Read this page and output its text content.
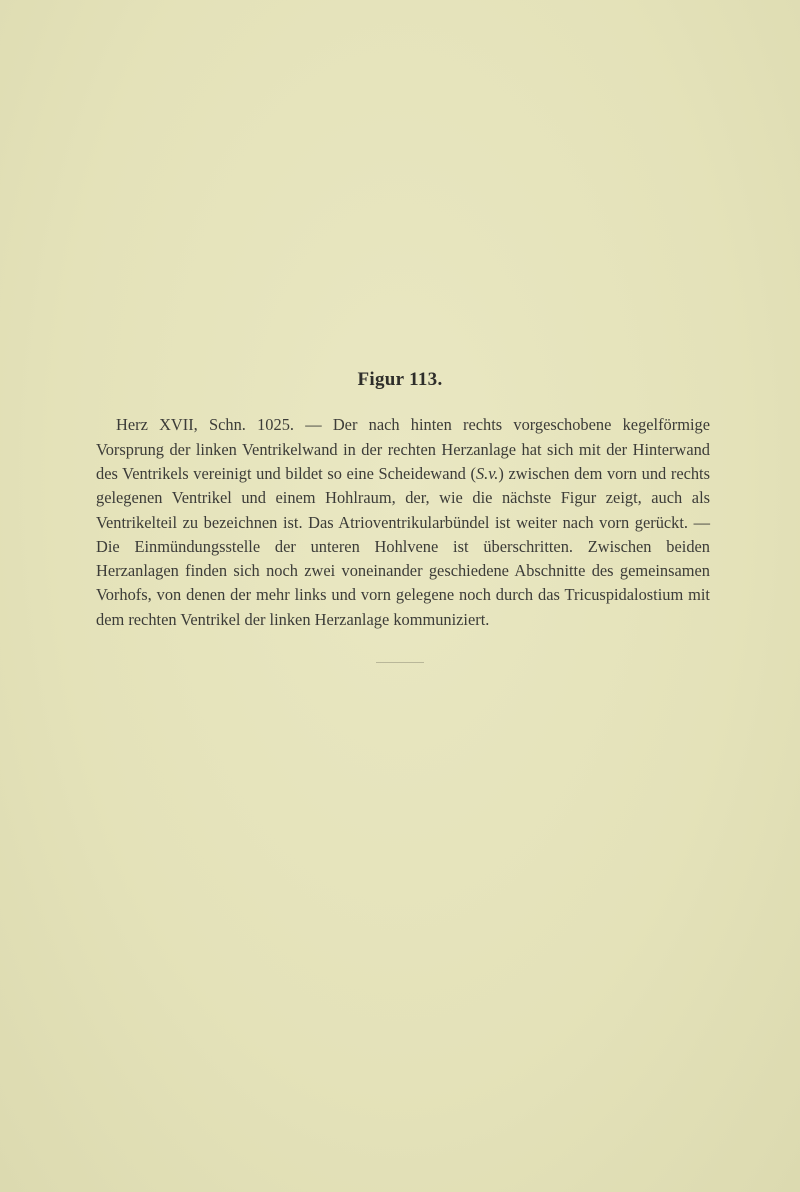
Figur 113.

Herz XVII, Schn. 1025. — Der nach hinten rechts vorgeschobene kegelförmige Vorsprung der linken Ventrikelwand in der rechten Herzanlage hat sich mit der Hinterwand des Ventrikels vereinigt und bildet so eine Scheidewand (S.v.) zwischen dem vorn und rechts gelegenen Ventrikel und einem Hohlraum, der, wie die nächste Figur zeigt, auch als Ventrikelteil zu bezeichnen ist. Das Atrioventrikularbündel ist weiter nach vorn gerückt. — Die Einmündungsstelle der unteren Hohlvene ist überschritten. Zwischen beiden Herzanlagen finden sich noch zwei voneinander geschiedene Abschnitte des gemeinsamen Vorhofs, von denen der mehr links und vorn gelegene noch durch das Tricuspidalostium mit dem rechten Ventrikel der linken Herzanlage kommuniziert.
